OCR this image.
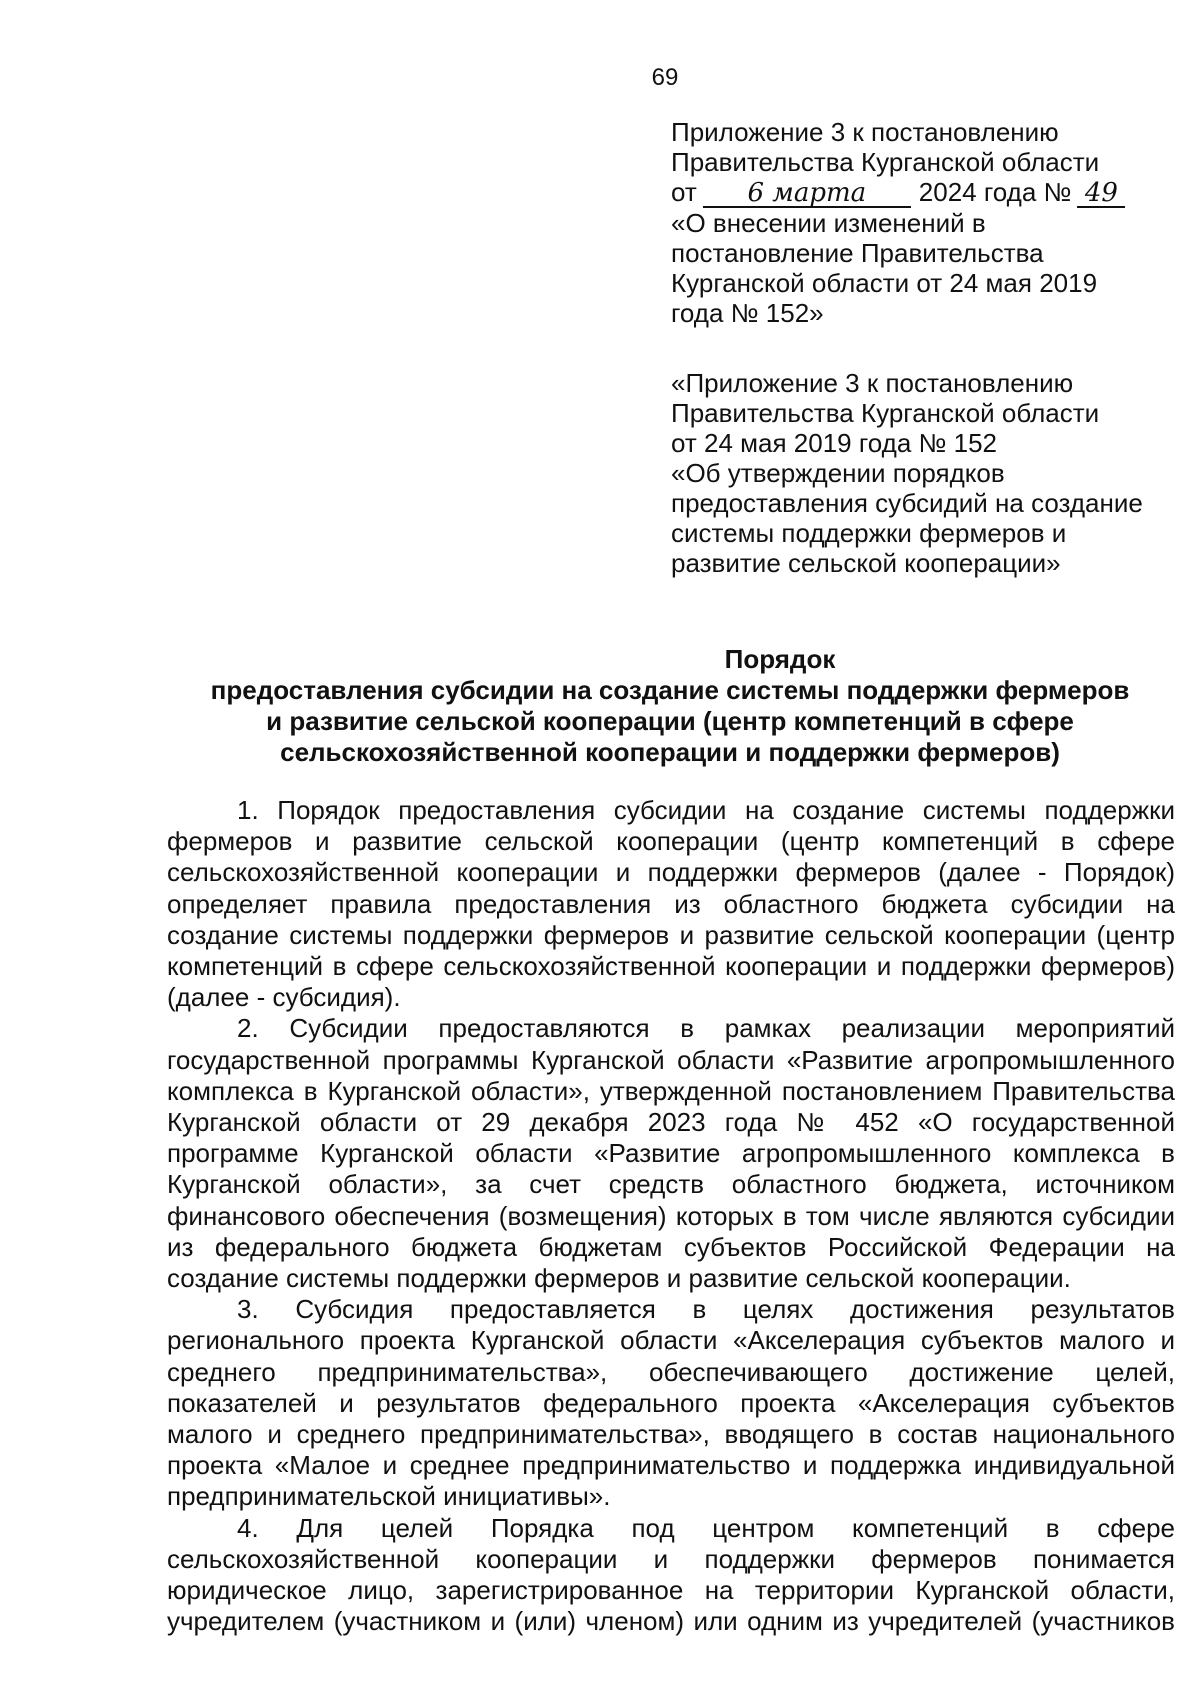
69
Приложение 3 к постановлению
Правительства Курганской области
от 6 марта 2024 года № 49
«О внесении изменений в
постановление Правительства
Курганской области от 24 мая 2019
года № 152»
«Приложение 3 к постановлению
Правительства Курганской области
от 24 мая 2019 года № 152
«Об утверждении порядков
предоставления субсидий на создание
системы поддержки фермеров и
развитие сельской кооперации»
Порядок
предоставления субсидии на создание системы поддержки фермеров
и развитие сельской кооперации (центр компетенций в сфере
сельскохозяйственной кооперации и поддержки фермеров)

1. Порядок предоставления субсидии на создание системы поддержки фермеров и развитие сельской кооперации (центр компетенций в сфере сельскохозяйственной кооперации и поддержки фермеров (далее - Порядок) определяет правила предоставления из областного бюджета субсидии на создание системы поддержки фермеров и развитие сельской кооперации (центр компетенций в сфере сельскохозяйственной кооперации и поддержки фермеров) (далее - субсидия).

2. Субсидии предоставляются в рамках реализации мероприятий государственной программы Курганской области «Развитие агропромышленного комплекса в Курганской области», утвержденной постановлением Правительства Курганской области от 29 декабря 2023 года № 452 «О государственной программе Курганской области «Развитие агропромышленного комплекса в Курганской области», за счет средств областного бюджета, источником финансового обеспечения (возмещения) которых в том числе являются субсидии из федерального бюджета бюджетам субъектов Российской Федерации на создание системы поддержки фермеров и развитие сельской кооперации.

3. Субсидия предоставляется в целях достижения результатов регионального проекта Курганской области «Акселерация субъектов малого и среднего предпринимательства», обеспечивающего достижение целей, показателей и результатов федерального проекта «Акселерация субъектов малого и среднего предпринимательства», вводящего в состав национального проекта «Малое и среднее предпринимательство и поддержка индивидуальной предпринимательской инициативы».

4. Для целей Порядка под центром компетенций в сфере сельскохозяйственной кооперации и поддержки фермеров понимается юридическое лицо, зарегистрированное на территории Курганской области, учредителем (участником и (или) членом) или одним из учредителей (участников
